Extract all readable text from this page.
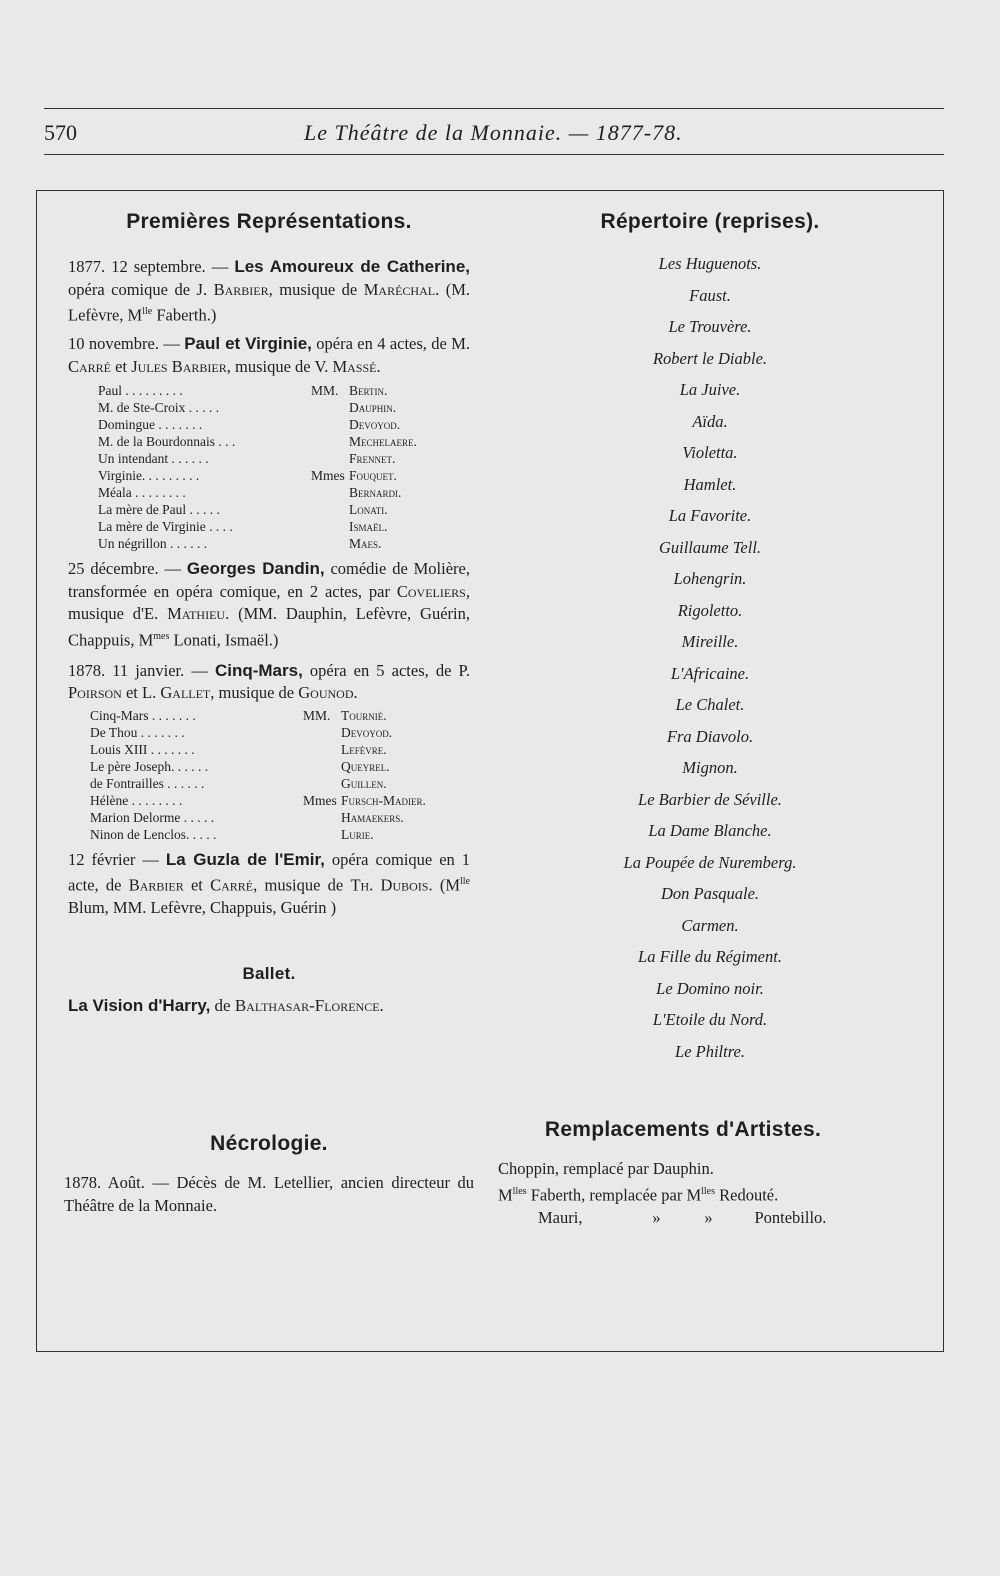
570	Le Théâtre de la Monnaie. — 1877-78.
Premières Représentations.

1877. 12 septembre. — Les Amoureux de Catherine, opéra comique de J. Barbier, musique de Maréchal. (M. Lefèvre, $M^{lle}$ Faberth.)

10 novembre. — Paul et Virginie, opéra en 4 actes, de M. Carré et Jules Barbier, musique de V. Massé.

Paul . . . . . . . . .	MM.	Bertin.
M. de Ste-Croix . . . . .		Dauphin.
Domingue . . . . . . .		Devoyod.
M. de la Bourdonnais . . .		Mechelaere.
Un intendant . . . . . .		Frennet.
Virginie. . . . . . . . .	Mmes	Fouquet.
Méala . . . . . . . .		Bernardi.
La mère de Paul . . . . .		Lonati.
La mère de Virginie . . . .		Ismaël.
Un négrillon . . . . . .		Maes.

25 décembre. — Georges Dandin, comédie de Molière, transformée en opéra comique, en 2 actes, par Coveliers, musique d'E. Mathieu. (MM. Dauphin, Lefèvre, Guérin, Chappuis, $M^{mes}$ Lonati, Ismaël.)

1878. 11 janvier. — Cinq-Mars, opéra en 5 actes, de P. Poirson et L. Gallet, musique de Gounod.

Cinq-Mars . . . . . . .	MM.	Tournié.
De Thou . . . . . . .		Devoyod.
Louis XIII . . . . . . .		Lefèvre.
Le père Joseph. . . . . .		Queyrel.
de Fontrailles . . . . . .		Guillen.
Hélène . . . . . . . .	Mmes	Fursch-Madier.
Marion Delorme . . . . .		Hamaekers.
Ninon de Lenclos. . . . .		Lurie.

12 février — La Guzla de l'Emir, opéra comique en 1 acte, de Barbier et Carré, musique de Th. Dubois. ($M^{lle}$ Blum, MM. Lefèvre, Chappuis, Guérin )

Ballet.
La Vision d'Harry, de Balthasar-Florence.
Répertoire (reprises).
Les Huguenots.
Faust.
Le Trouvère.
Robert le Diable.
La Juive.
Aïda.
Violetta.
Hamlet.
La Favorite.
Guillaume Tell.
Lohengrin.
Rigoletto.
Mireille.
L'Africaine.
Le Chalet.
Fra Diavolo.
Mignon.
Le Barbier de Séville.
La Dame Blanche.
La Poupée de Nuremberg.
Don Pasquale.
Carmen.
La Fille du Régiment.
Le Domino noir.
L'Etoile du Nord.
Le Philtre.
Nécrologie.

1878. Août. — Décès de M. Letellier, ancien directeur du Théâtre de la Monnaie.

Remplacements d'Artistes.
Choppin, remplacé par Dauphin.
$M^{lles}$ Faberth, remplacée par $M^{lles}$ Redouté.
Mauri,	»	»	Pontebillo.
